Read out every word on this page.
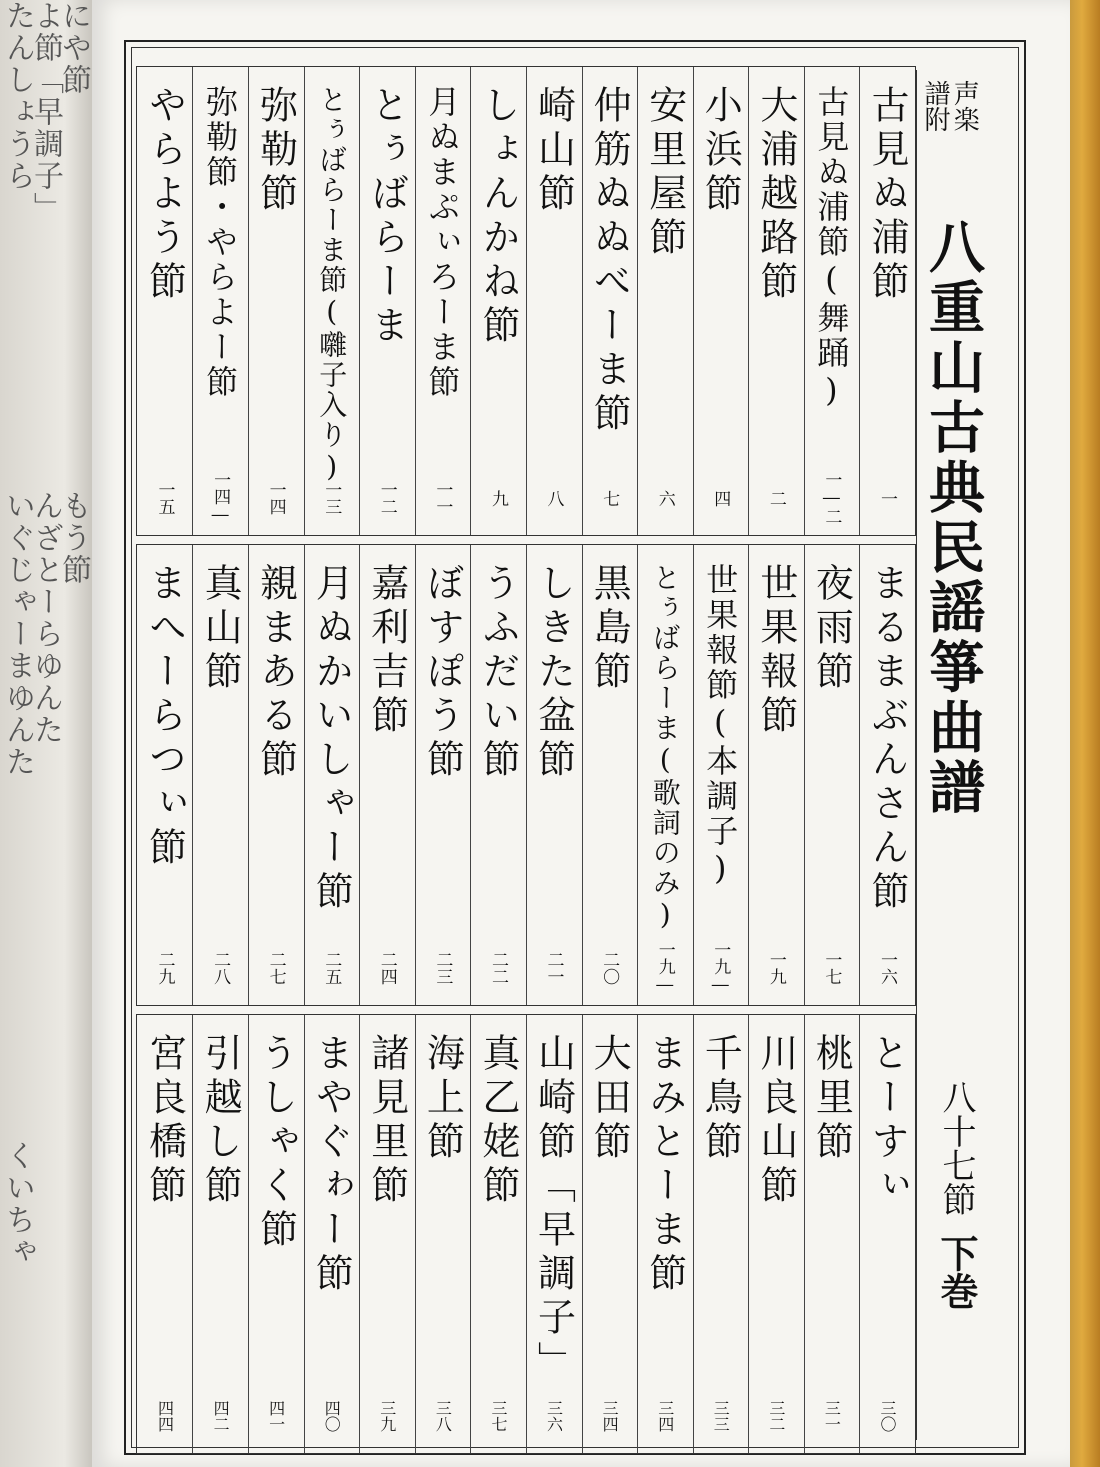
たんしょうら
よ節「早調子」
にや節
いぐじゃーまゆんた
んざとーらゆんた
もう節
くいちゃ
声楽
譜附
八重山古典民謡箏曲譜
八十七節下巻
古見ぬ浦節
一
古見ぬ浦節(舞踊)
一―二
大浦越路節
二
小浜節
四
安里屋節
六
仲筋ぬぬべーま節
七
崎山節
八
しょんかね節
九
月ぬまぷぃろーま節
一一
とぅばらーま
一二
とぅばらーま節(囃子入り)
一三
弥勒節
一四
弥勒節・やらよー節
一四―
やらよう節
一五
まるまぶんさん節
一六
夜雨節
一七
世果報節
一九
世果報節(本調子)
一九―
とぅばらーま(歌詞のみ)
一九―
黒島節
二〇
しきた盆節
二一
うふだい節
二二
ぼすぽう節
二三
嘉利吉節
二四
月ぬかいしゃー節
二五
親まある節
二七
真山節
二八
まへーらつぃ節
二九
とーすぃ
三〇
桃里節
三一
川良山節
三二
千鳥節
三三
まみとーま節
三四
大田節
三四
山崎節「早調子」
三六
真乙姥節
三七
海上節
三八
諸見里節
三九
まやぐゎー節
四〇
うしゃく節
四一
引越し節
四二
宮良橋節
四四
